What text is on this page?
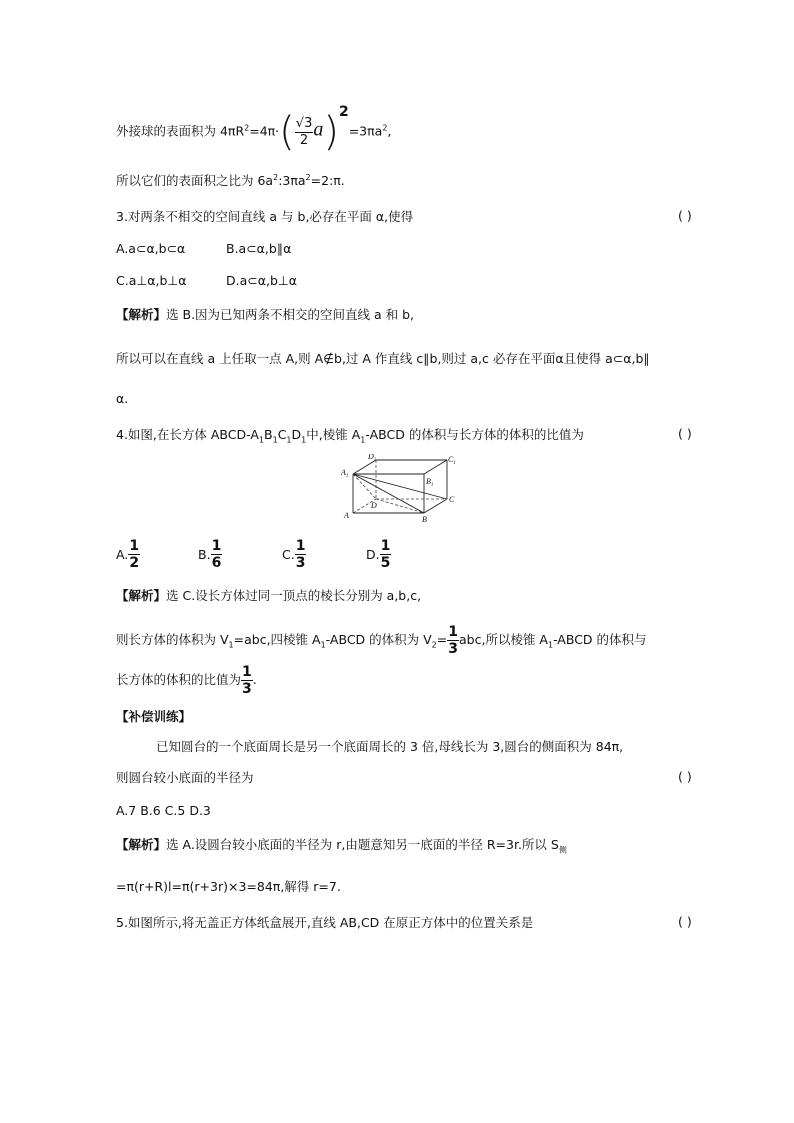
外接球的表面积为 $4\pi R^2=4\pi\cdot( \frac{√3}{2} a)^2=3\pi a^2$,
所以它们的表面积之比为 $6a^2:3\pi a^2=2:\pi$.
3.对两条不相交的空间直线 a 与 b,必存在平面 α,使得	( )
A.a⊂α,b⊂α	B.a⊂α,b∥α
C.a⊥α,b⊥α	D.a⊂α,b⊥α
【解析】选 B.因为已知两条不相交的空间直线 a 和 b,
所以可以在直线 a 上任取一点 A,则 A∉b,过 A 作直线 c∥b,则过 a,c 必存在平面α且使得 a⊂α,b∥
α.
4.如图,在长方体 ABCD-$A_1B_1C_1D_1$中,棱锥 $A_1$-ABCD 的体积与长方体的体积的比值为	( )
$D_1$	$C_1$
$A_1$
$B_1$
D
C
A	B
A. $\frac{1}{2}$	B. $\frac{1}{6}$	C. $\frac{1}{3}$	D. $\frac{1}{5}$
【解析】选 C.设长方体过同一顶点的棱长分别为 a,b,c,
则长方体的体积为 $V_1=abc$,四棱锥 $A_1$-ABCD 的体积为 $V_2= \frac{1}{3}$ abc,所以棱锥 $A_1$-ABCD 的体积与
长方体的体积的比值为 $\frac{1}{3}$ .
【补偿训练】
已知圆台的一个底面周长是另一个底面周长的 3 倍,母线长为 3,圆台的侧面积为 84π,
则圆台较小底面的半径为	( )
A.7 B.6 C.5 D.3
【解析】选 A.设圆台较小底面的半径为 r,由题意知另一底面的半径 R=3r.所以 $S_侧$
=π(r+R)l=π(r+3r)×3=84π,解得 r=7.
5.如图所示,将无盖正方体纸盒展开,直线 AB,CD 在原正方体中的位置关系是	( )
